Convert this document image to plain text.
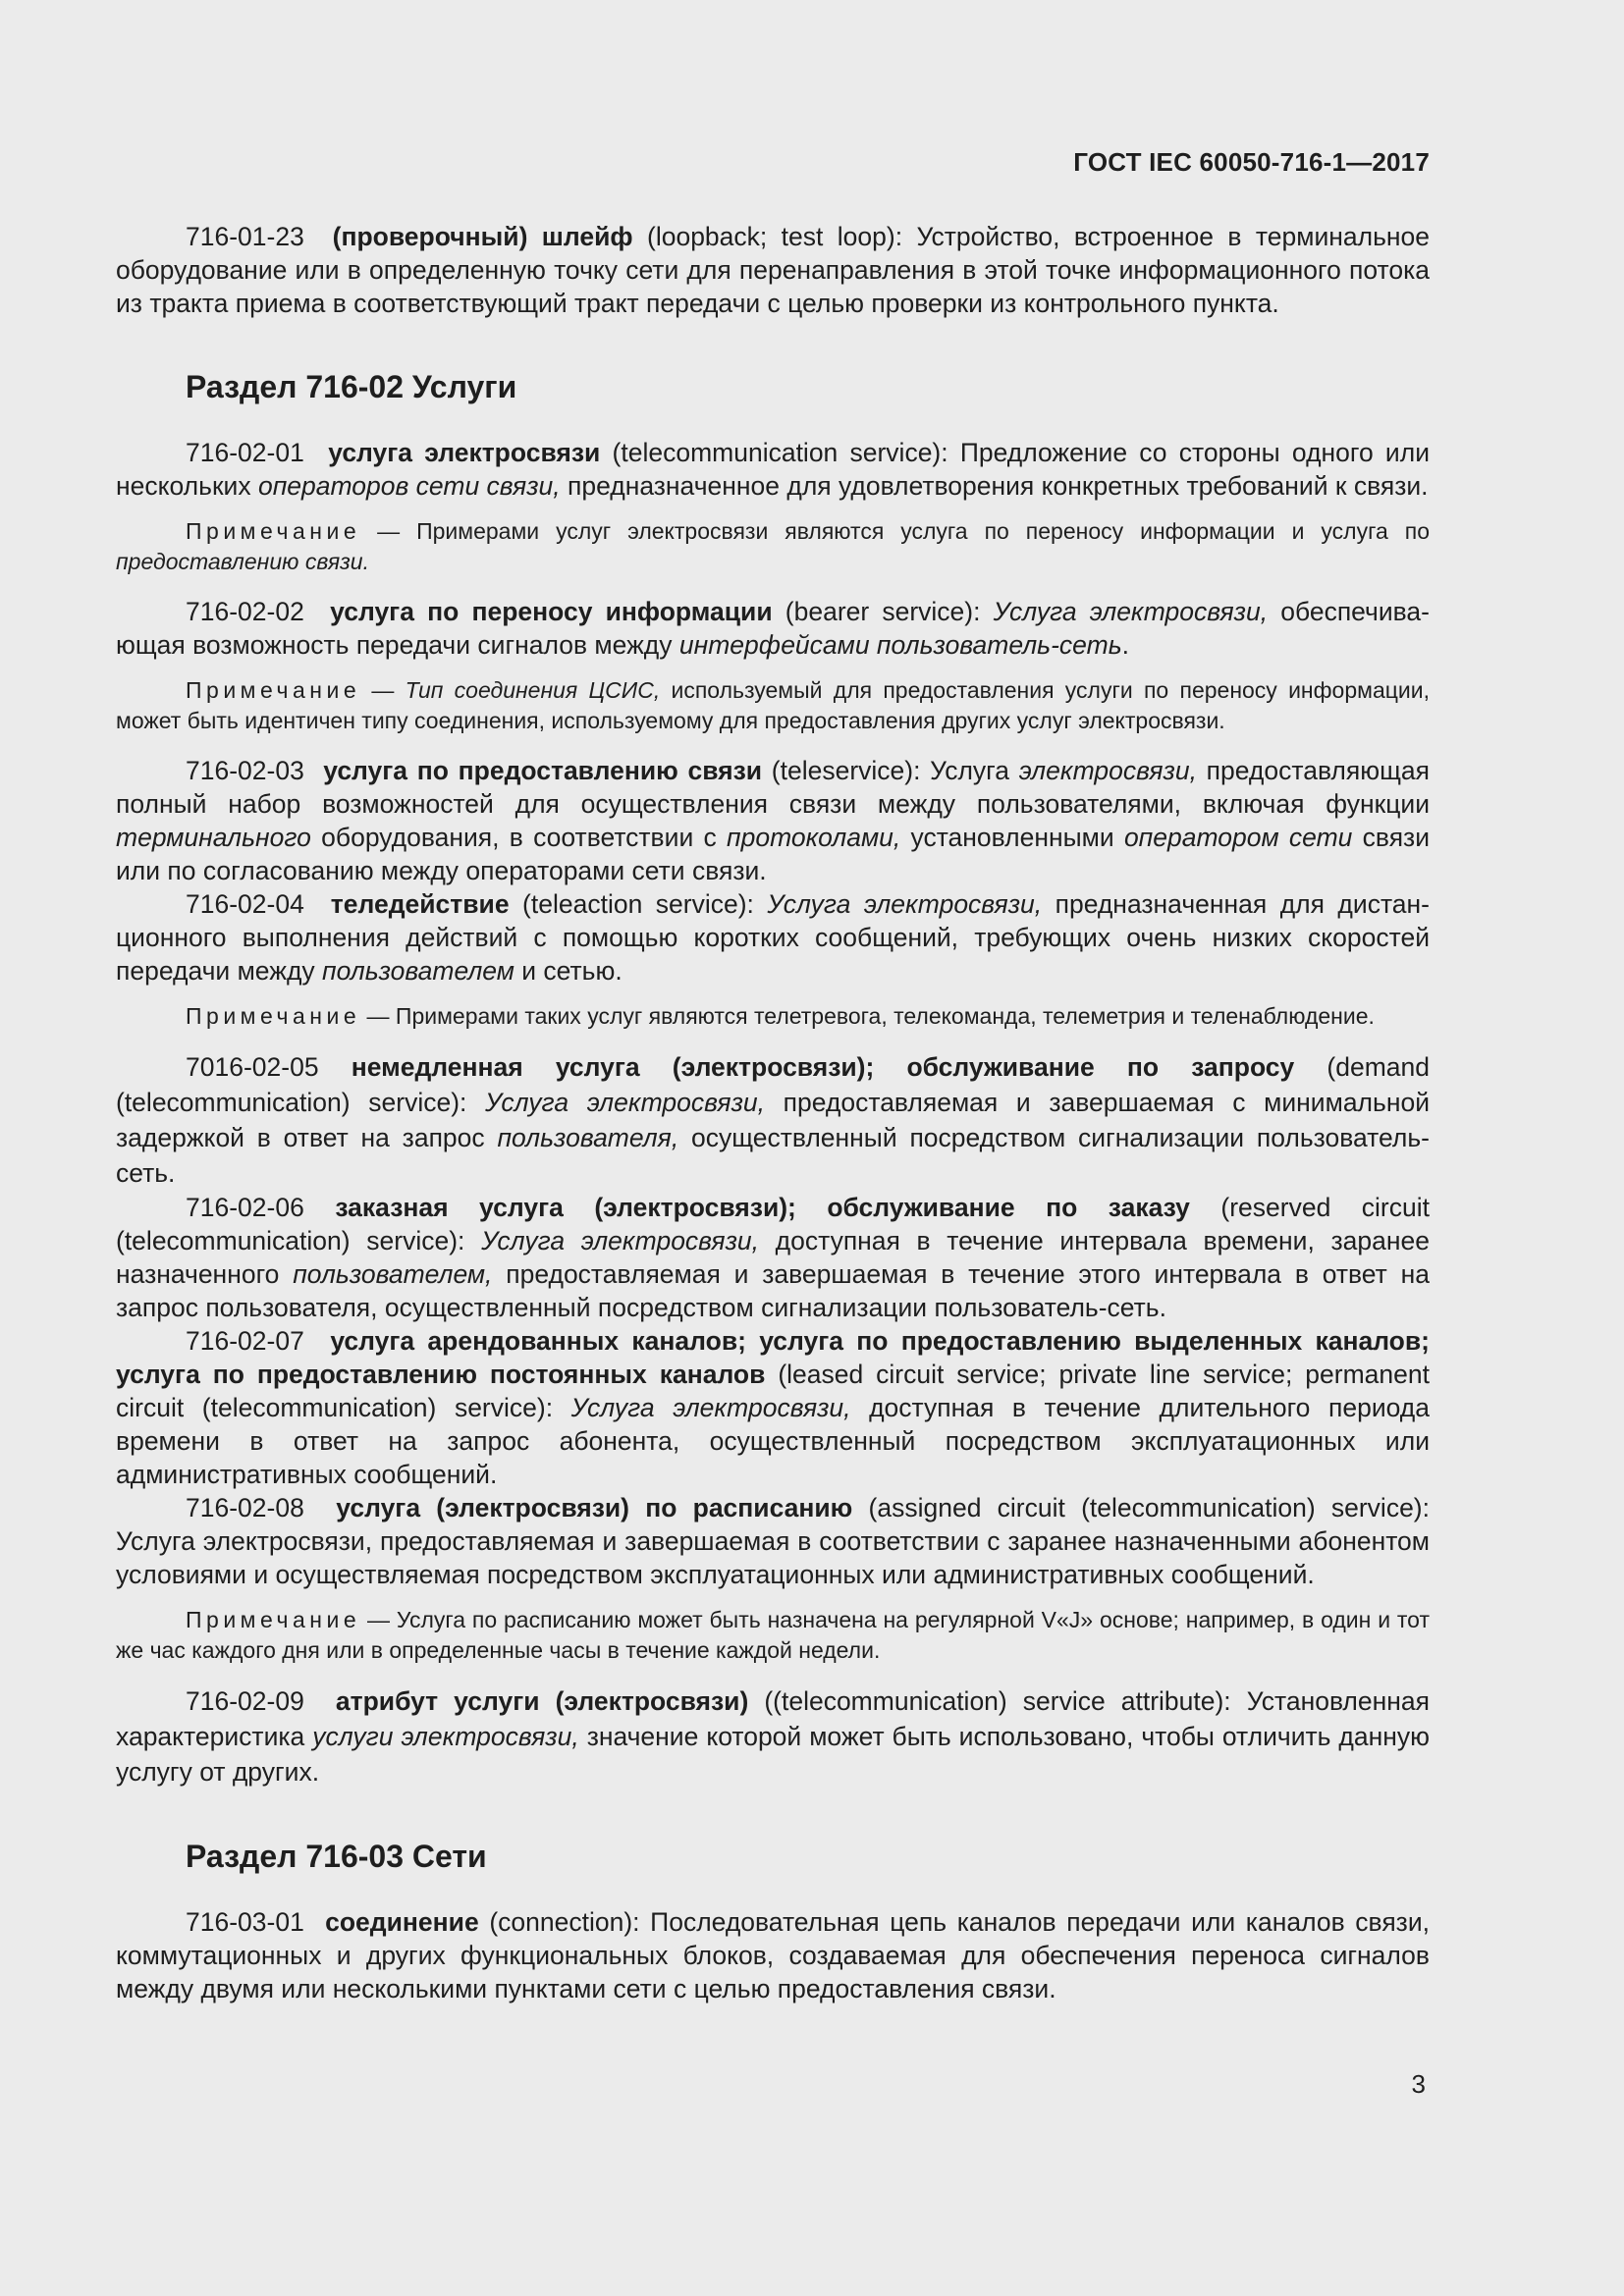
ГОСТ IEC 60050-716-1—2017

716-01-23 (проверочный) шлейф (loopback; test loop): Устройство, встроенное в терминальное оборудование или в определенную точку сети для перенаправления в этой точке информационного потока из тракта приема в соответствующий тракт передачи с целью проверки из контрольного пункта.

Раздел 716-02 Услуги

716-02-01 услуга электросвязи (telecommunication service): Предложение со стороны одного или нескольких операторов сети связи, предназначенное для удовлетворения конкретных требований к связи.

Примечание — Примерами услуг электросвязи являются услуга по переносу информации и услуга по предоставлению связи.

716-02-02 услуга по переносу информации (bearer service): Услуга электросвязи, обеспечивающая возможность передачи сигналов между интерфейсами пользователь-сеть.

Примечание — Тип соединения ЦСИС, используемый для предоставления услуги по переносу информации, может быть идентичен типу соединения, используемому для предоставления других услуг электросвязи.

716-02-03 услуга по предоставлению связи (teleservice): Услуга электросвязи, предоставляющая полный набор возможностей для осуществления связи между пользователями, включая функции терминального оборудования, в соответствии с протоколами, установленными оператором сети связи или по согласованию между операторами сети связи.

716-02-04 теледействие (teleaction service): Услуга электросвязи, предназначенная для дистанционного выполнения действий с помощью коротких сообщений, требующих очень низких скоростей передачи между пользователем и сетью.

Примечание — Примерами таких услуг являются телетревога, телекоманда, телеметрия и теленаблюдение.

7016-02-05 немедленная услуга (электросвязи); обслуживание по запросу (demand (telecommunication) service): Услуга электросвязи, предоставляемая и завершаемая с минимальной задержкой в ответ на запрос пользователя, осуществленный посредством сигнализации пользователь-сеть.

716-02-06 заказная услуга (электросвязи); обслуживание по заказу (reserved circuit (telecommunication) service): Услуга электросвязи, доступная в течение интервала времени, заранее назначенного пользователем, предоставляемая и завершаемая в течение этого интервала в ответ на запрос пользователя, осуществленный посредством сигнализации пользователь-сеть.

716-02-07 услуга арендованных каналов; услуга по предоставлению выделенных каналов; услуга по предоставлению постоянных каналов (leased circuit service; private line service; permanent circuit (telecommunication) service): Услуга электросвязи, доступная в течение длительного периода времени в ответ на запрос абонента, осуществленный посредством эксплуатационных или административных сообщений.

716-02-08 услуга (электросвязи) по расписанию (assigned circuit (telecommunication) service): Услуга электросвязи, предоставляемая и завершаемая в соответствии с заранее назначенными абонентом условиями и осуществляемая посредством эксплуатационных или административных сообщений.

Примечание — Услуга по расписанию может быть назначена на регулярной V«J» основе; например, в один и тот же час каждого дня или в определенные часы в течение каждой недели.

716-02-09 атрибут услуги (электросвязи) ((telecommunication) service attribute): Установленная характеристика услуги электросвязи, значение которой может быть использовано, чтобы отличить данную услугу от других.

Раздел 716-03 Сети

716-03-01 соединение (connection): Последовательная цепь каналов передачи или каналов связи, коммутационных и других функциональных блоков, создаваемая для обеспечения переноса сигналов между двумя или несколькими пунктами сети с целью предоставления связи.

3
